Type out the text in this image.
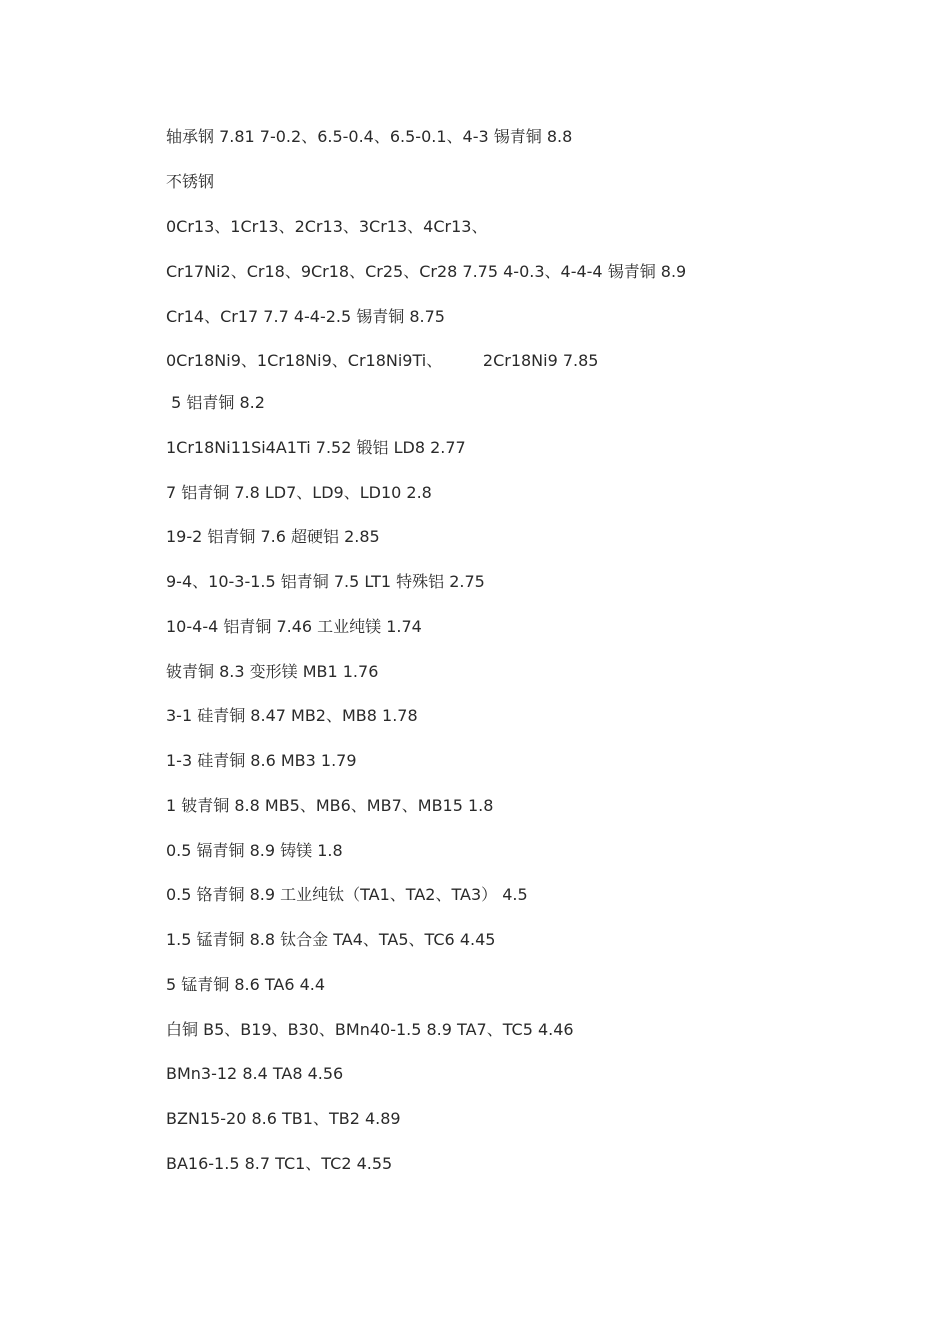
轴承钢 7.81 7-0.2、6.5-0.4、6.5-0.1、4-3 锡青铜 8.8
不锈钢
0Cr13、1Cr13、2Cr13、3Cr13、4Cr13、
Cr17Ni2、Cr18、9Cr18、Cr25、Cr28 7.75 4-0.3、4-4-4 锡青铜 8.9
Cr14、Cr17 7.7 4-4-2.5 锡青铜 8.75
0Cr18Ni9、1Cr18Ni9、Cr18Ni9Ti、        2Cr18Ni9 7.85
5 铝青铜 8.2
1Cr18Ni11Si4A1Ti 7.52 锻铝 LD8 2.77
7 铝青铜 7.8 LD7、LD9、LD10 2.8
19-2 铝青铜 7.6 超硬铝 2.85
9-4、10-3-1.5 铝青铜 7.5 LT1 特殊铝 2.75
10-4-4 铝青铜 7.46 工业纯镁 1.74
铍青铜 8.3 变形镁 MB1 1.76
3-1 硅青铜 8.47 MB2、MB8 1.78
1-3 硅青铜 8.6 MB3 1.79
1 铍青铜 8.8 MB5、MB6、MB7、MB15 1.8
0.5 镉青铜 8.9 铸镁 1.8
0.5 铬青铜 8.9 工业纯钛（TA1、TA2、TA3） 4.5
1.5 锰青铜 8.8 钛合金 TA4、TA5、TC6 4.45
5 锰青铜 8.6 TA6 4.4
白铜 B5、B19、B30、BMn40-1.5 8.9 TA7、TC5 4.46
BMn3-12 8.4 TA8 4.56
BZN15-20 8.6 TB1、TB2 4.89
BA16-1.5 8.7 TC1、TC2 4.55
